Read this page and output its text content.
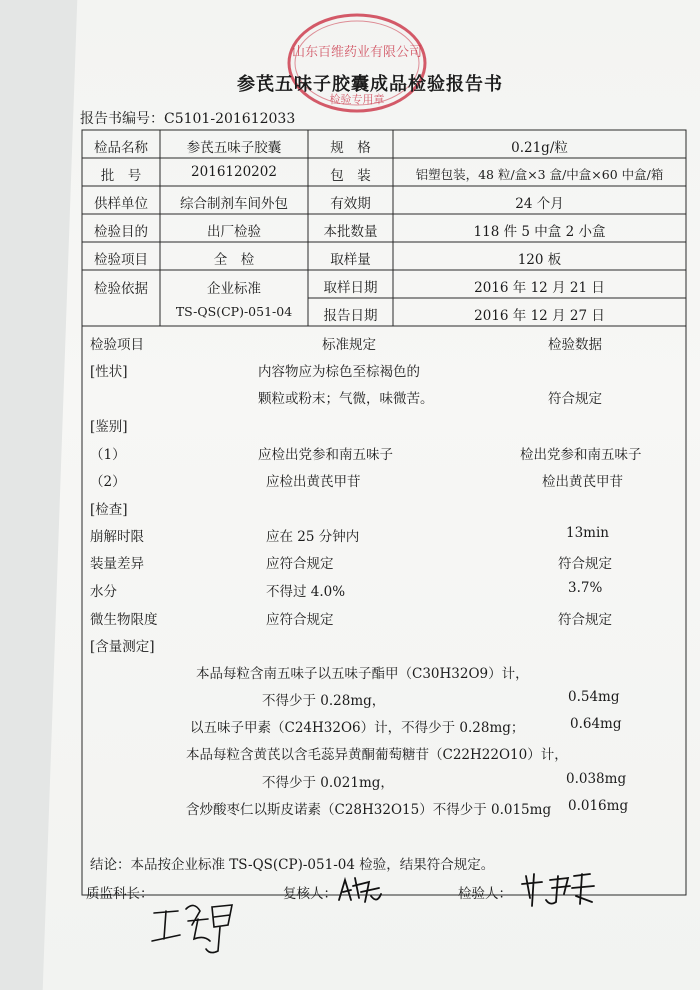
山东百维药业有限公司
检验专用章
参芪五味子胶囊成品检验报告书
报告书编号：C5101-201612033
检品名称	参芪五味子胶囊	规　格	0.21g/粒
批　号	2016120202	包　装	铝塑包装，48 粒/盒×3 盒/中盒×60 中盒/箱
供样单位	综合制剂车间外包	有效期	24 个月
检验目的	出厂检验	本批数量	118 件 5 中盒 2 小盒
检验项目	全　检	取样量	120 板
检验依据	企业标准
TS-QS(CP)-051-04
取样日期	2016 年 12 月 21 日
报告日期	2016 年 12 月 27 日
检验项目	标准规定	检验数据
[性状]	内容物应为棕色至棕褐色的
颗粒或粉末；气微，味微苦。	符合规定
[鉴别]
（1）	应检出党参和南五味子	检出党参和南五味子
（2）	应检出黄芪甲苷	检出黄芪甲苷
[检查]
崩解时限	应在 25 分钟内	13min
装量差异	应符合规定	符合规定
水分	不得过 4.0%	3.7%
微生物限度	应符合规定	符合规定
[含量测定]
本品每粒含南五味子以五味子酯甲（C30H32O9）计，
不得少于 0.28mg，	0.54mg
以五味子甲素（C24H32O6）计，不得少于 0.28mg；	0.64mg
本品每粒含黄芪以含毛蕊异黄酮葡萄糖苷（C22H22O10）计，
不得少于 0.021mg，	0.038mg
含炒酸枣仁以斯皮诺素（C28H32O15）不得少于 0.015mg 0.016mg
结论：本品按企业标准 TS-QS(CP)-051-04 检验，结果符合规定。
质监科长：	复核人：	检验人：
